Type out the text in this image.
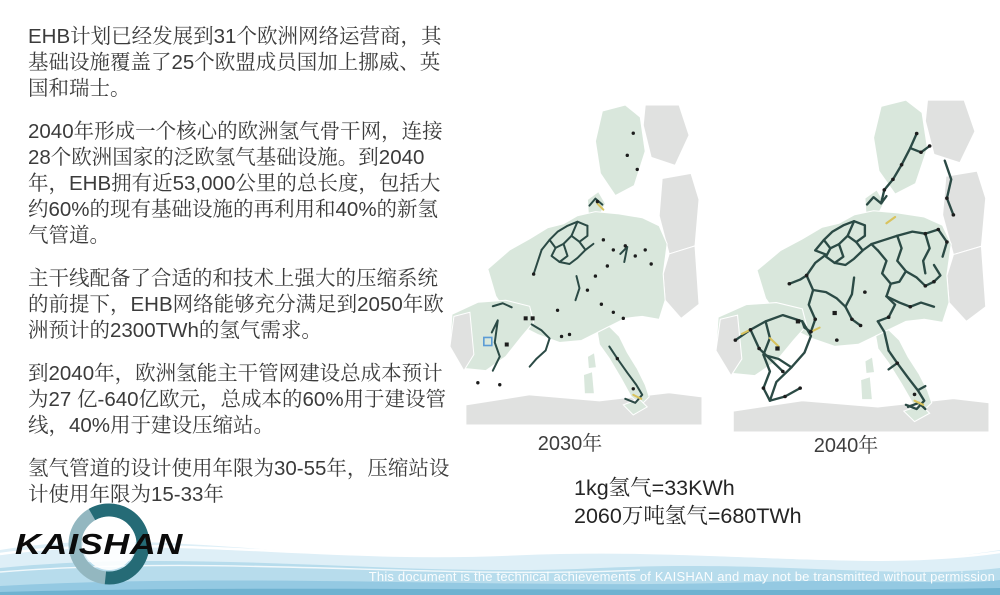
EHB计划已经发展到31个欧洲网络运营商，其基础设施覆盖了25个欧盟成员国加上挪威、英国和瑞士。

2040年形成一个核心的欧洲氢气骨干网，连接28个欧洲国家的泛欧氢气基础设施。到2040年，EHB拥有近53,000公里的总长度，包括大约60%的现有基础设施的再利用和40%的新氢气管道。

主干线配备了合适的和技术上强大的压缩系统的前提下，EHB网络能够充分满足到2050年欧洲预计的2300TWh的氢气需求。

到2040年，欧洲氢能主干管网建设总成本预计为27 亿-640亿欧元，总成本的60%用于建设管线，40%用于建设压缩站。

氢气管道的设计使用年限为30-55年，压缩站设计使用年限为15-33年

2030年	2040年
1kg氢气=33KWh
2060万吨氢气=680TWh
This document is the technical achievements of KAISHAN and may not be transmitted without permission
KAISHAN
